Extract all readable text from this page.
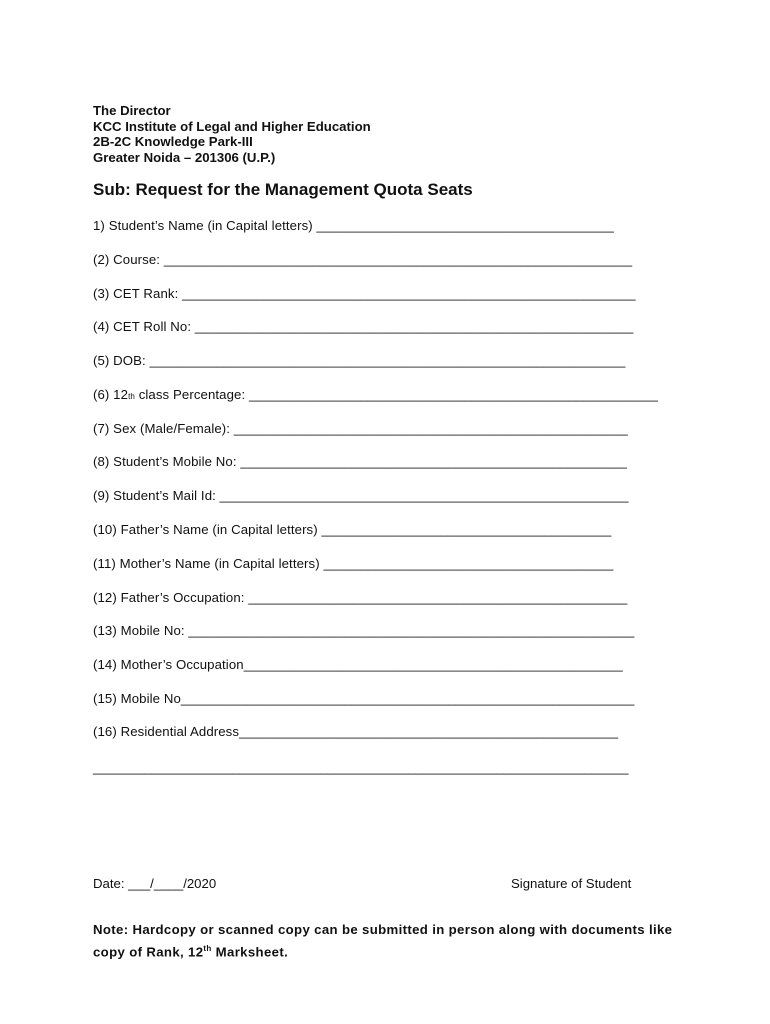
The Director
KCC Institute of Legal and Higher Education
2B-2C Knowledge Park-III
Greater Noida – 201306 (U.P.)
Sub: Request for the Management Quota Seats
1) Student’s Name (in Capital letters) ________________________________________
(2) Course: _______________________________________________________________
(3) CET Rank: _____________________________________________________________
(4) CET Roll No: ___________________________________________________________
(5) DOB: ________________________________________________________________
(6) 12th class Percentage: _______________________________________________________
(7) Sex (Male/Female): _____________________________________________________
(8) Student’s Mobile No: ____________________________________________________
(9) Student’s Mail Id: _______________________________________________________
(10) Father’s Name (in Capital letters) _______________________________________
(11) Mother’s Name (in Capital letters) _______________________________________
(12) Father’s Occupation: ___________________________________________________
(13) Mobile No: ____________________________________________________________
(14) Mother’s Occupation___________________________________________________
(15) Mobile No_____________________________________________________________
(16) Residential Address___________________________________________________
_________________________________________________________________________
Date: ___/____/2020	Signature of Student
Note: Hardcopy or scanned copy can be submitted in person along with documents like copy of Rank, 12th Marksheet.
